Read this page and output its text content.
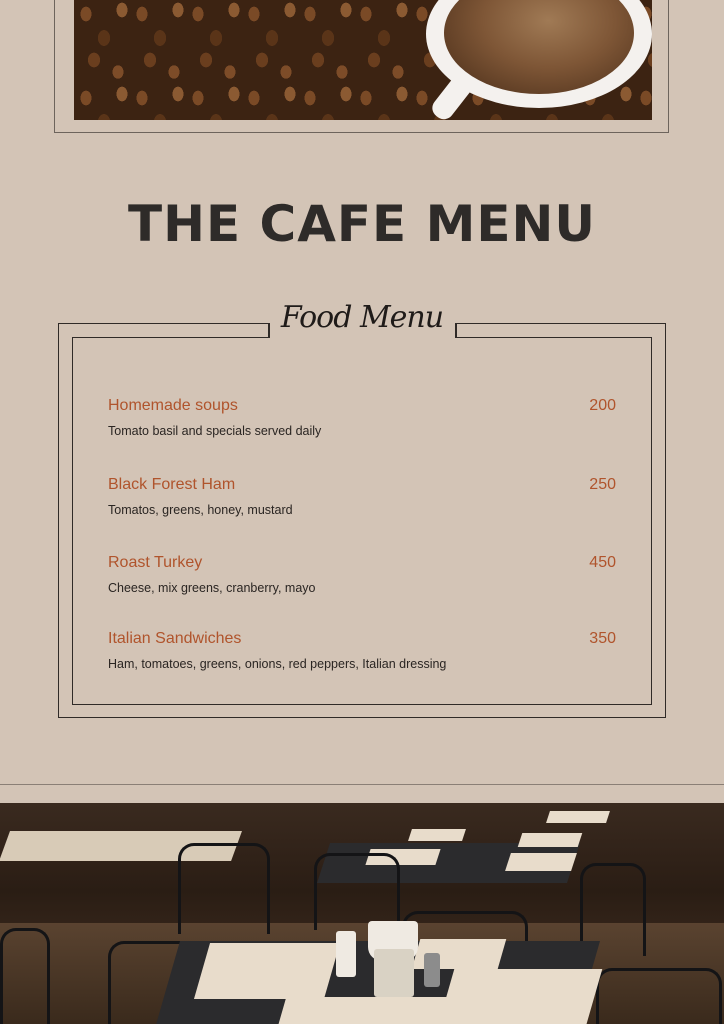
THE CAFE MENU
Food Menu
Homemade soups	200
Tomato basil and specials served daily
Black Forest Ham	250
Tomatos, greens, honey, mustard
Roast Turkey	450
Cheese, mix greens, cranberry, mayo
Italian Sandwiches	350
Ham, tomatoes, greens, onions, red peppers, Italian dressing
